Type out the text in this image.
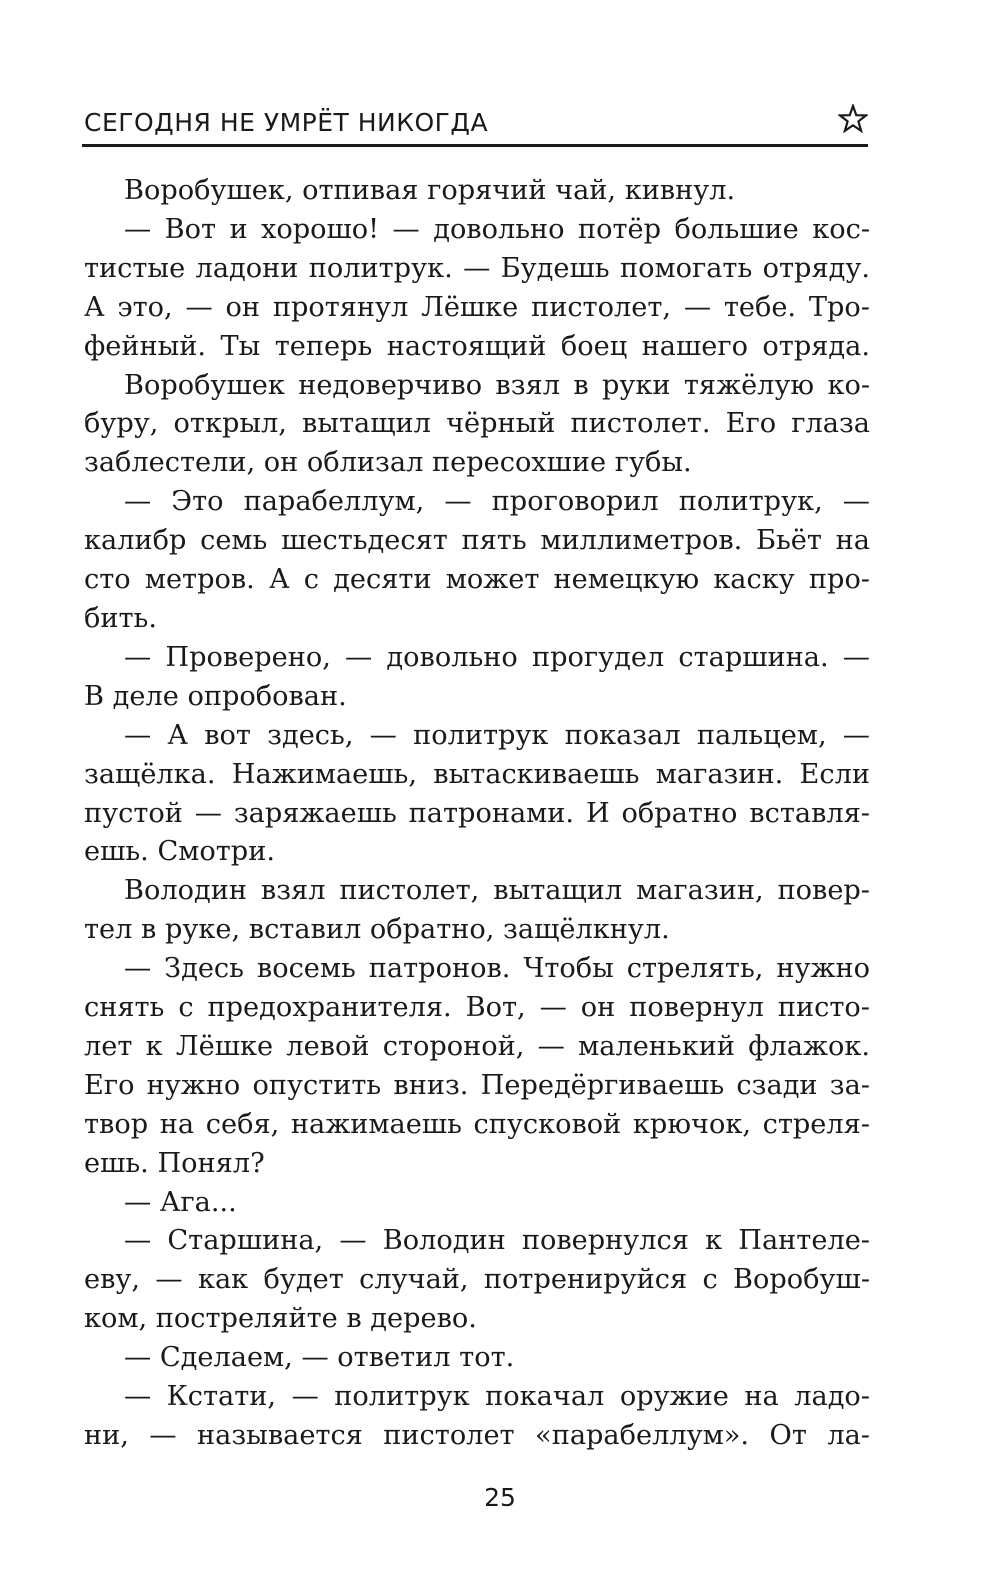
СЕГОДНЯ НЕ УМРЁТ НИКОГДА
Воробушек, отпивая горячий чай, кивнул.
— Вот и хорошо! — довольно потёр большие кос-
тистые ладони политрук. — Будешь помогать отряду.
А это, — он протянул Лёшке пистолет, — тебе. Тро-
фейный. Ты теперь настоящий боец нашего отряда.
Воробушек недоверчиво взял в руки тяжёлую ко-
буру, открыл, вытащил чёрный пистолет. Его глаза
заблестели, он облизал пересохшие губы.
— Это парабеллум, — проговорил политрук, —
калибр семь шестьдесят пять миллиметров. Бьёт на
сто метров. А с десяти может немецкую каску про-
бить.
— Проверено, — довольно прогудел старшина. —
В деле опробован.
— А вот здесь, — политрук показал пальцем, —
защёлка. Нажимаешь, вытаскиваешь магазин. Если
пустой — заряжаешь патронами. И обратно вставля-
ешь. Смотри.
Володин взял пистолет, вытащил магазин, повер-
тел в руке, вставил обратно, защёлкнул.
— Здесь восемь патронов. Чтобы стрелять, нужно
снять с предохранителя. Вот, — он повернул писто-
лет к Лёшке левой стороной, — маленький флажок.
Его нужно опустить вниз. Передёргиваешь сзади за-
твор на себя, нажимаешь спусковой крючок, стреля-
ешь. Понял?
— Ага...
— Старшина, — Володин повернулся к Пантеле-
еву, — как будет случай, потренируйся с Воробуш-
ком, постреляйте в дерево.
— Сделаем, — ответил тот.
— Кстати, — политрук покачал оружие на ладо-
ни, — называется пистолет «парабеллум». От ла-
25
